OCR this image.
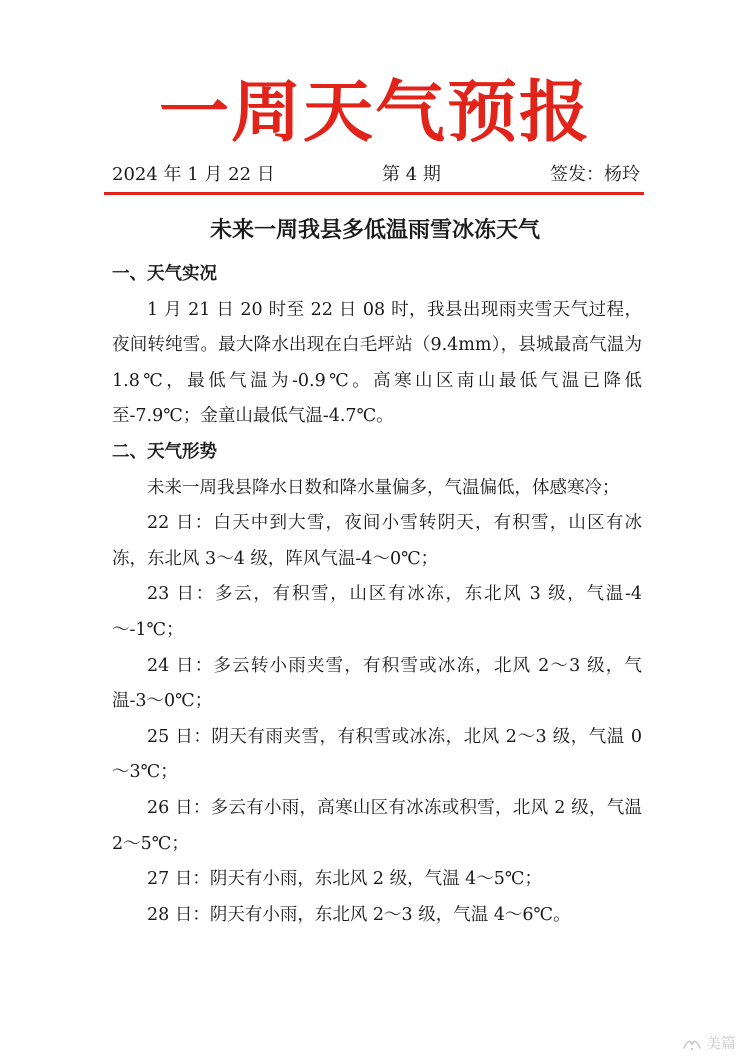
一周天气预报
2024 年 1 月 22 日	第 4 期	签发：杨玲
未来一周我县多低温雨雪冰冻天气
一、天气实况

1 月 21 日 20 时至 22 日 08 时，我县出现雨夹雪天气过程，夜间转纯雪。最大降水出现在白毛坪站（9.4mm），县城最高气温为 1.8℃，最低气温为-0.9℃。高寒山区南山最低气温已降低至-7.9℃；金童山最低气温-4.7℃。

二、天气形势

未来一周我县降水日数和降水量偏多，气温偏低，体感寒冷；

22 日：白天中到大雪，夜间小雪转阴天，有积雪，山区有冰冻，东北风 3～4 级，阵风气温-4～0℃；

23 日：多云，有积雪，山区有冰冻，东北风 3 级，气温-4～-1℃；

24 日：多云转小雨夹雪，有积雪或冰冻，北风 2～3 级，气温-3～0℃；

25 日：阴天有雨夹雪，有积雪或冰冻，北风 2～3 级，气温 0～3℃；

26 日：多云有小雨，高寒山区有冰冻或积雪，北风 2 级，气温 2～5℃；

27 日：阴天有小雨，东北风 2 级，气温 4～5℃；

28 日：阴天有小雨，东北风 2～3 级，气温 4～6℃。

美篇
